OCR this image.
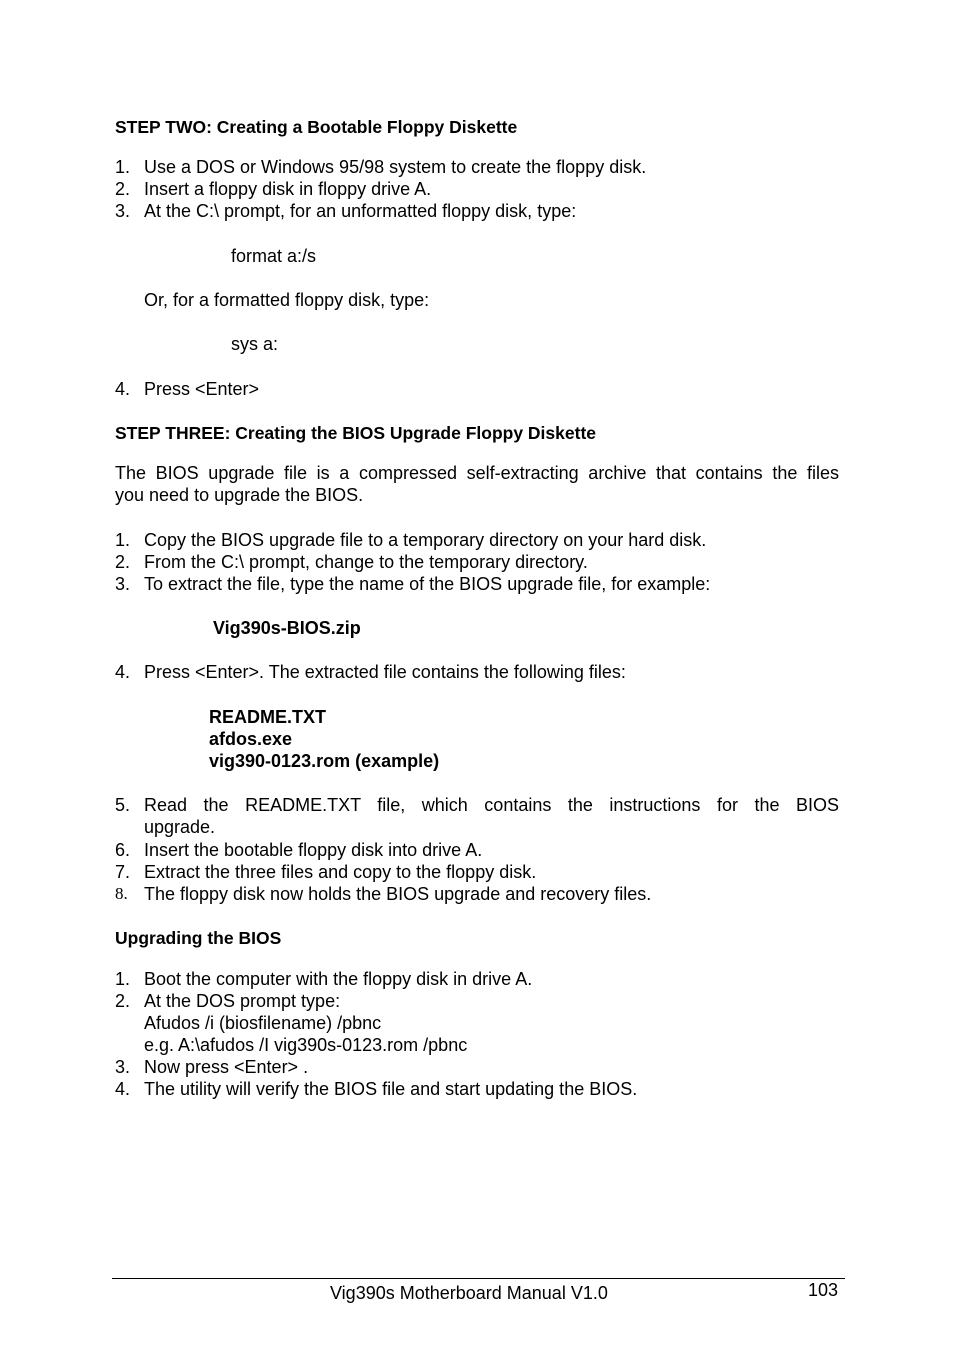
STEP TWO: Creating a Bootable Floppy Diskette
1. Use a DOS or Windows 95/98 system to create the floppy disk.
2. Insert a floppy disk in floppy drive A.
3. At the C:\ prompt, for an unformatted floppy disk, type:
format a:/s
Or, for a formatted floppy disk, type:
sys a:
4. Press <Enter>
STEP THREE: Creating the BIOS Upgrade Floppy Diskette
The BIOS upgrade file is a compressed self-extracting archive that contains the files
you need to upgrade the BIOS.
1. Copy the BIOS upgrade file to a temporary directory on your hard disk.
2. From the C:\ prompt, change to the temporary directory.
3. To extract the file, type the name of the BIOS upgrade file, for example:
Vig390s-BIOS.zip
4. Press <Enter>. The extracted file contains the following files:
README.TXT
afdos.exe
vig390-0123.rom (example)
5. Read the README.TXT file, which contains the instructions for the BIOS
upgrade.
6. Insert the bootable floppy disk into drive A.
7. Extract the three files and copy to the floppy disk.
8. The floppy disk now holds the BIOS upgrade and recovery files.
Upgrading the BIOS
1. Boot the computer with the floppy disk in drive A.
2. At the DOS prompt type:
Afudos /i (biosfilename) /pbnc
e.g. A:\afudos /I vig390s-0123.rom /pbnc
3. Now press <Enter> .
4. The utility will verify the BIOS file and start updating the BIOS.
Vig390s Motherboard Manual V1.0	103
